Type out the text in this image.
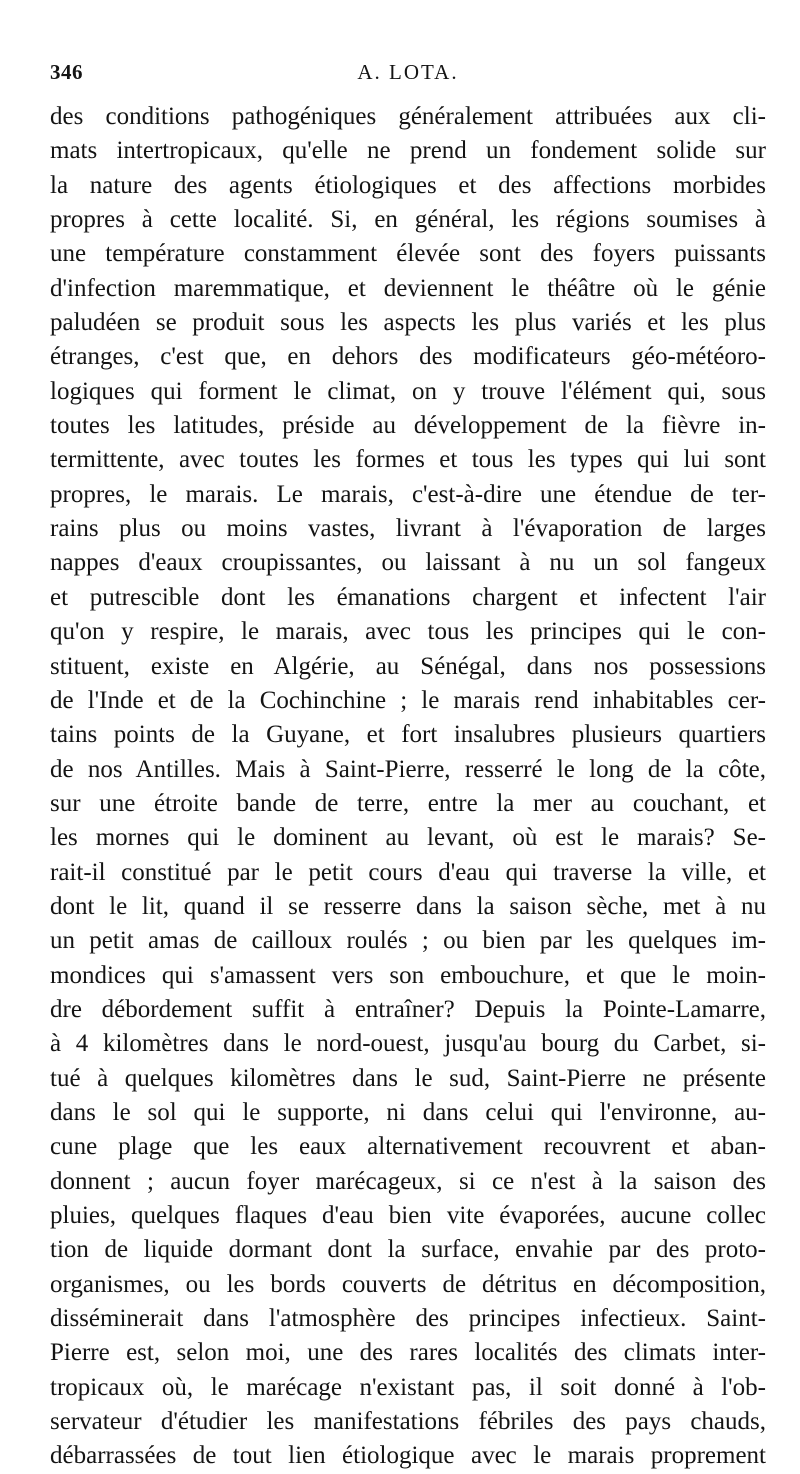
346	A. LOTA.
des conditions pathogéniques généralement attribuées aux cli-
mats intertropicaux, qu'elle ne prend un fondement solide sur
la nature des agents étiologiques et des affections morbides
propres à cette localité. Si, en général, les régions soumises à
une température constamment élevée sont des foyers puissants
d'infection maremmatique, et deviennent le théâtre où le génie
paludéen se produit sous les aspects les plus variés et les plus
étranges, c'est que, en dehors des modificateurs géo-météoro-
logiques qui forment le climat, on y trouve l'élément qui, sous
toutes les latitudes, préside au développement de la fièvre in-
termittente, avec toutes les formes et tous les types qui lui sont
propres, le marais. Le marais, c'est-à-dire une étendue de ter-
rains plus ou moins vastes, livrant à l'évaporation de larges
nappes d'eaux croupissantes, ou laissant à nu un sol fangeux
et putrescible dont les émanations chargent et infectent l'air
qu'on y respire, le marais, avec tous les principes qui le con-
stituent, existe en Algérie, au Sénégal, dans nos possessions
de l'Inde et de la Cochinchine ; le marais rend inhabitables cer-
tains points de la Guyane, et fort insalubres plusieurs quartiers
de nos Antilles. Mais à Saint-Pierre, resserré le long de la côte,
sur une étroite bande de terre, entre la mer au couchant, et
les mornes qui le dominent au levant, où est le marais? Se-
rait-il constitué par le petit cours d'eau qui traverse la ville, et
dont le lit, quand il se resserre dans la saison sèche, met à nu
un petit amas de cailloux roulés ; ou bien par les quelques im-
mondices qui s'amassent vers son embouchure, et que le moin-
dre débordement suffit à entraîner? Depuis la Pointe-Lamarre,
à 4 kilomètres dans le nord-ouest, jusqu'au bourg du Carbet, si-
tué à quelques kilomètres dans le sud, Saint-Pierre ne présente
dans le sol qui le supporte, ni dans celui qui l'environne, au-
cune plage que les eaux alternativement recouvrent et aban-
donnent ; aucun foyer marécageux, si ce n'est à la saison des
pluies, quelques flaques d'eau bien vite évaporées, aucune collec
tion de liquide dormant dont la surface, envahie par des proto-
organismes, ou les bords couverts de détritus en décomposition,
disséminerait dans l'atmosphère des principes infectieux. Saint-
Pierre est, selon moi, une des rares localités des climats inter-
tropicaux où, le marécage n'existant pas, il soit donné à l'ob-
servateur d'étudier les manifestations fébriles des pays chauds,
débarrassées de tout lien étiologique avec le marais proprement
